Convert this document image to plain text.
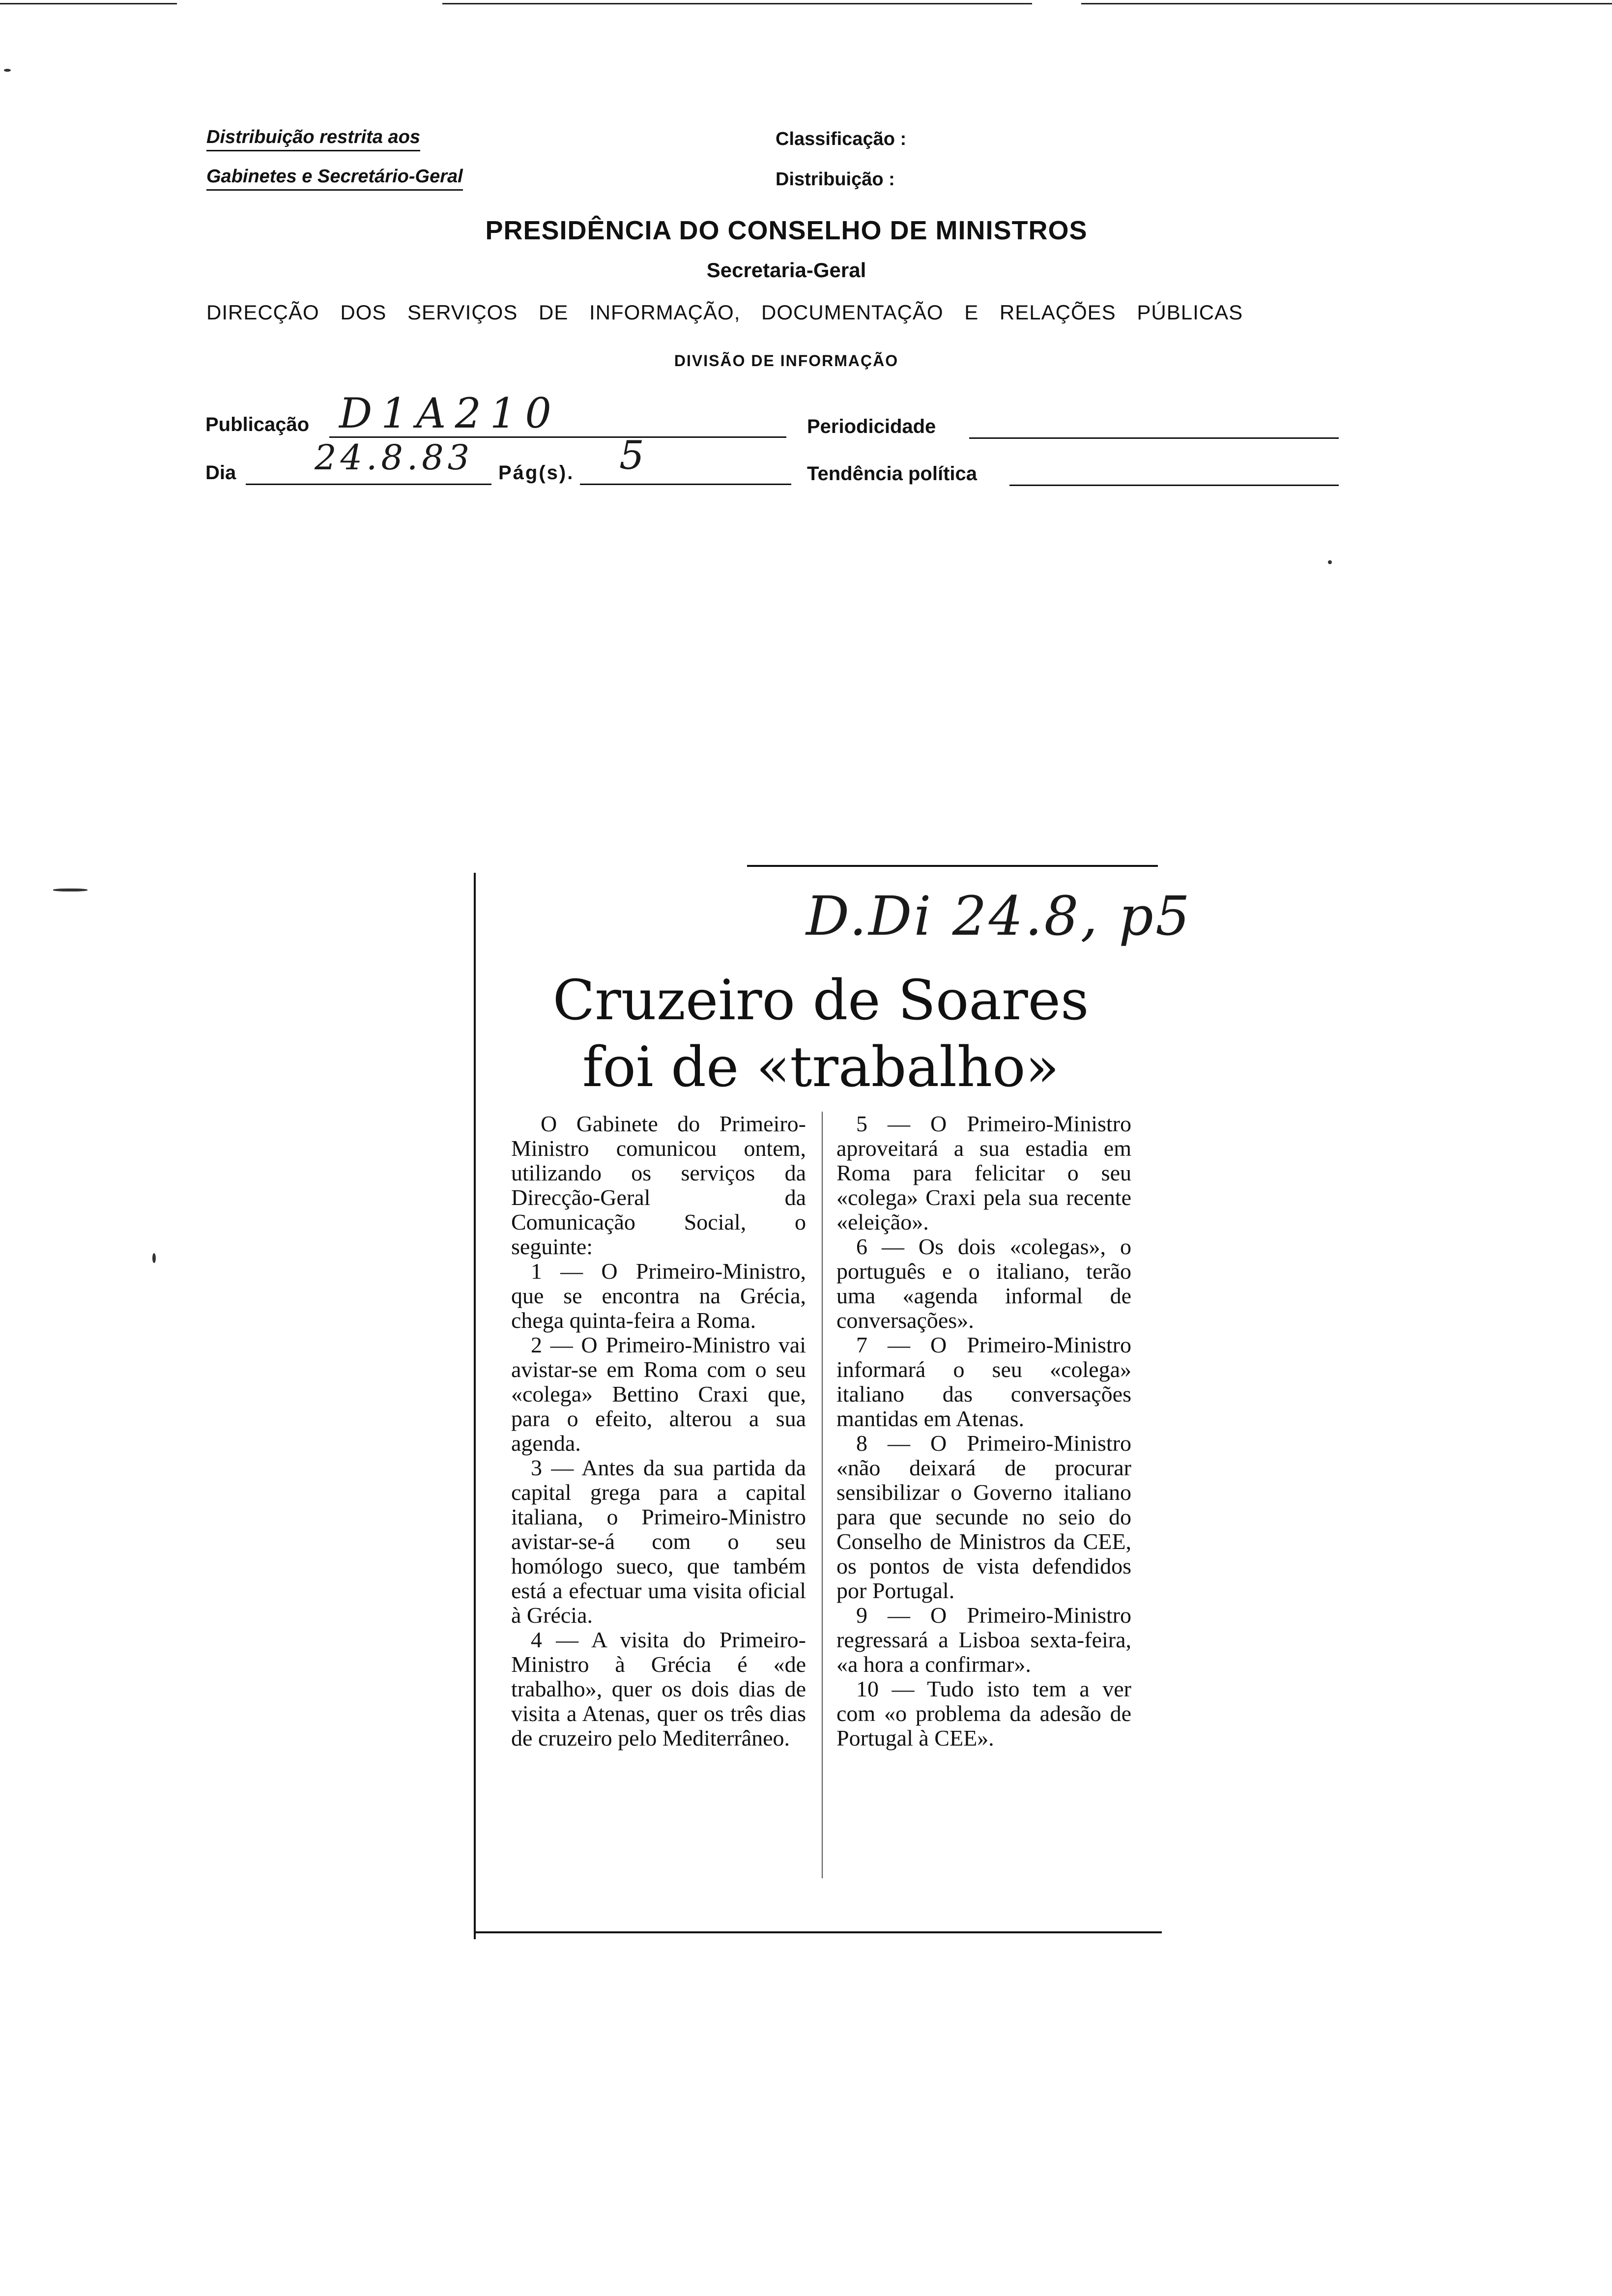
Distribuição restrita aos
Gabinetes e Secretário-Geral
Classificação :
Distribuição :
PRESIDÊNCIA DO CONSELHO DE MINISTROS
Secretaria-Geral
DIRECÇÃO DOS SERVIÇOS DE INFORMAÇÃO, DOCUMENTAÇÃO E RELAÇÕES PÚBLICAS
DIVISÃO DE INFORMAÇÃO
Publicação D1A210	Periodicidade
Dia 24.8.83 Pág(s). 5	Tendência política
D.Di 24.8, p5
Cruzeiro de Soares
foi de «trabalho»

O Gabinete do Primeiro-Ministro comunicou ontem, utilizando os serviços da Direcção-Geral da Comunicação Social, o seguinte:

1 — O Primeiro-Ministro, que se encontra na Grécia, chega quinta-feira a Roma.

2 — O Primeiro-Ministro vai avistar-se em Roma com o seu «colega» Bettino Craxi que, para o efeito, alterou a sua agenda.

3 — Antes da sua partida da capital grega para a capital italiana, o Primeiro-Ministro avistar-se-á com o seu homólogo sueco, que também está a efectuar uma visita oficial à Grécia.

4 — A visita do Primeiro-Ministro à Grécia é «de trabalho», quer os dois dias de visita a Atenas, quer os três dias de cruzeiro pelo Mediterrâneo.

5 — O Primeiro-Ministro aproveitará a sua estadia em Roma para felicitar o seu «colega» Craxi pela sua recente «eleição».

6 — Os dois «colegas», o português e o italiano, terão uma «agenda informal de conversações».

7 — O Primeiro-Ministro informará o seu «colega» italiano das conversações mantidas em Atenas.

8 — O Primeiro-Ministro «não deixará de procurar sensibilizar o Governo italiano para que secunde no seio do Conselho de Ministros da CEE, os pontos de vista defendidos por Portugal.

9 — O Primeiro-Ministro regressará a Lisboa sexta-feira, «a hora a confirmar».

10 — Tudo isto tem a ver com «o problema da adesão de Portugal à CEE».
